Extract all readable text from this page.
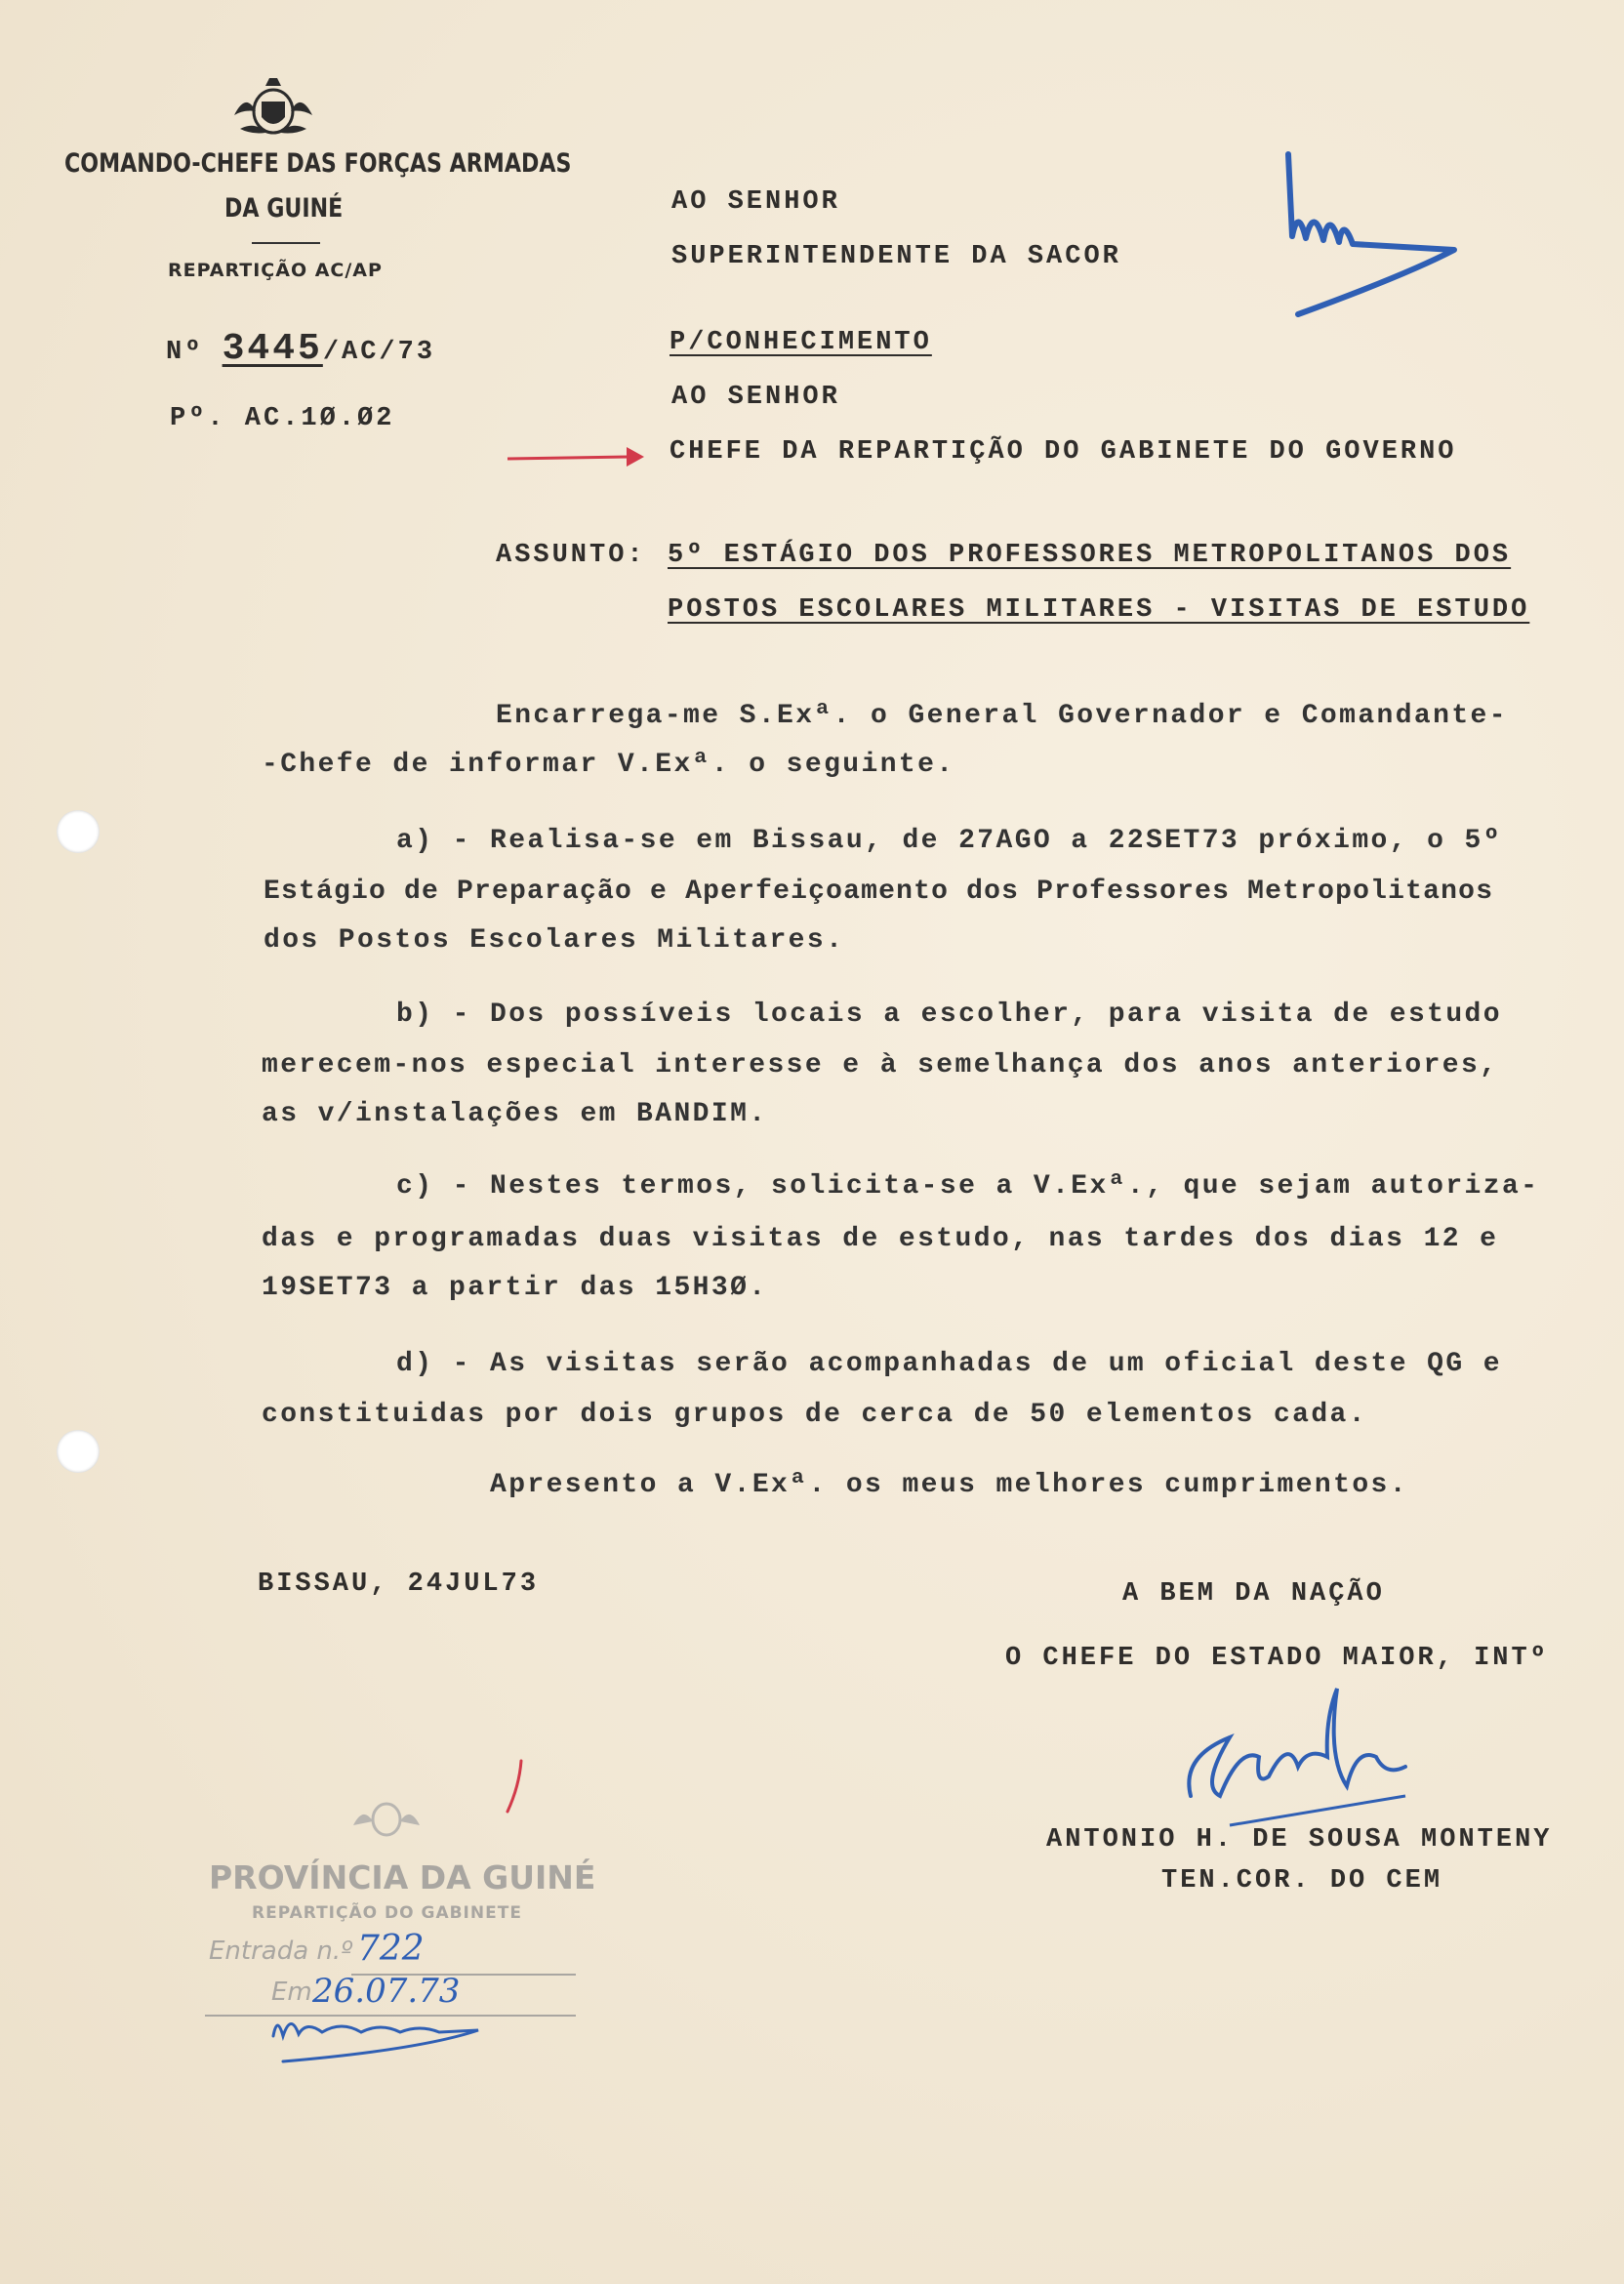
COMANDO-CHEFE DAS FORÇAS ARMADAS
DA GUINÉ
REPARTIÇÃO AC/AP
Nº 3445/AC/73
Pº. AC.1Ø.Ø2
AO SENHOR
SUPERINTENDENTE DA SACOR
P/CONHECIMENTO
AO SENHOR
CHEFE DA REPARTIÇÃO DO GABINETE DO GOVERNO
ASSUNTO: 5º ESTÁGIO DOS PROFESSORES METROPOLITANOS DOS
POSTOS ESCOLARES MILITARES - VISITAS DE ESTUDO
Encarrega-me S.Exª. o General Governador e Comandante-
-Chefe de informar V.Exª. o seguinte.
a) - Realisa-se em Bissau, de 27AGO a 22SET73 próximo, o 5º
Estágio de Preparação e Aperfeiçoamento dos Professores Metropolitanos
dos Postos Escolares Militares.
b) - Dos possíveis locais a escolher, para visita de estudo
merecem-nos especial interesse e à semelhança dos anos anteriores,
as v/instalações em BANDIM.
c) - Nestes termos, solicita-se a V.Exª., que sejam autoriza-
das e programadas duas visitas de estudo, nas tardes dos dias 12 e
19SET73 a partir das 15H3Ø.
d) - As visitas serão acompanhadas de um oficial deste QG e
constituidas por dois grupos de cerca de 50 elementos cada.
Apresento a V.Exª. os meus melhores cumprimentos.
BISSAU, 24JUL73	A BEM DA NAÇÃO
O CHEFE DO ESTADO MAIOR, INTº
ANTONIO H. DE SOUSA MONTENY
TEN.COR. DO CEM
PROVÍNCIA DA GUINÉ
REPARTIÇÃO DO GABINETE
Entrada n.º 722
Em 26.07.73
